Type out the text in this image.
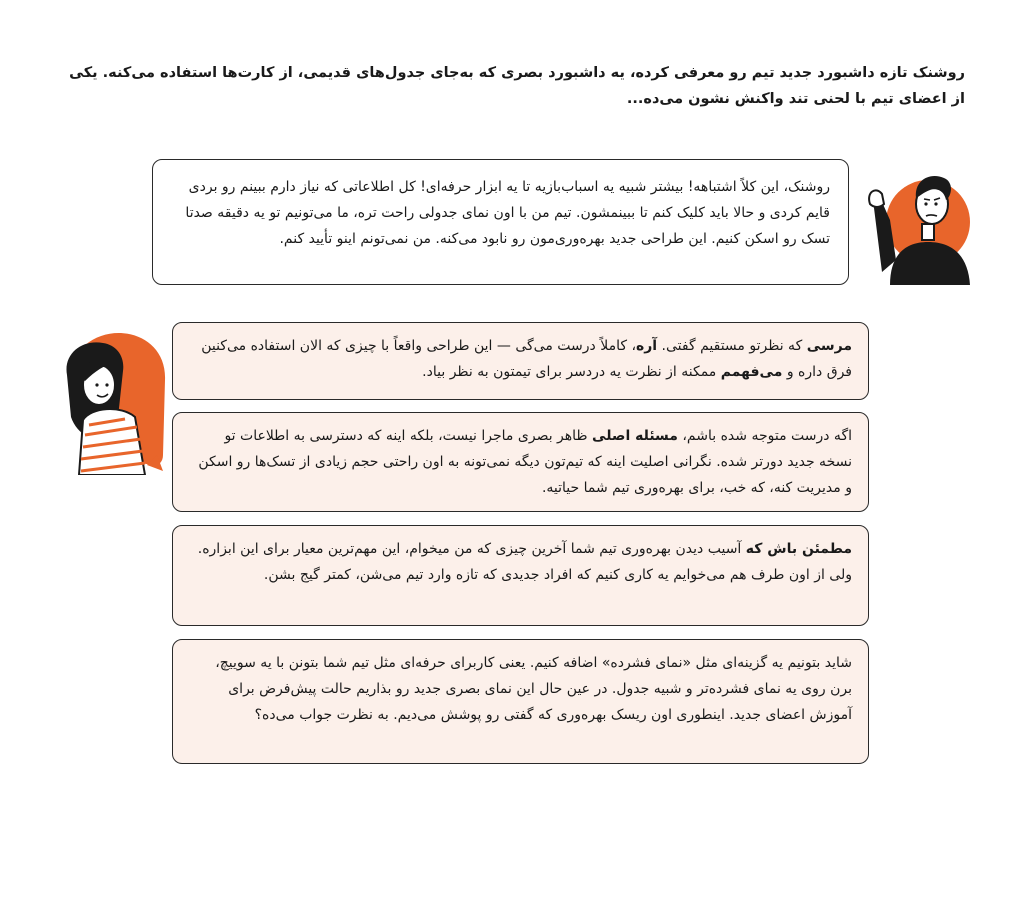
روشنک تازه داشبورد جدید تیم رو معرفی کرده، یه داشبورد بصری که به‌جای جدول‌های قدیمی، از کارت‌ها استفاده می‌کنه. یکی از اعضای تیم با لحنی تند واکنش نشون می‌ده...
روشنک، این کلاً اشتباهه! بیشتر شبیه یه اسباب‌بازیه تا یه ابزار حرفه‌ای! کل اطلاعاتی که نیاز دارم ببینم رو بردی قایم کردی و حالا باید کلیک کنم تا ببینمشون. تیم من با اون نمای جدولی راحت تره، ما می‌تونیم تو یه دقیقه صدتا تسک رو اسکن کنیم. این طراحی جدید بهره‌وری‌مون رو نابود می‌کنه. من نمی‌تونم اینو تأیید کنم.
مرسی که نظرتو مستقیم گفتی. آره، کاملاً درست می‌گی — این طراحی واقعاً با چیزی که الان استفاده می‌کنین فرق داره و می‌فهمم ممکنه از نظرت یه دردسر برای تیمتون به نظر بیاد.
اگه درست متوجه شده باشم، مسئله اصلی ظاهر بصری ماجرا نیست، بلکه اینه که دسترسی به اطلاعات تو نسخه جدید دورتر شده. نگرانی اصلیت اینه که تیم‌تون دیگه نمی‌تونه به اون راحتی حجم زیادی از تسک‌ها رو اسکن و مدیریت کنه، که خب، برای بهره‌وری تیم شما حیاتیه.
مطمئن باش که آسیب دیدن بهره‌وری تیم شما آخرین چیزی که من میخوام، این مهم‌ترین معیار برای این ابزاره. ولی از اون طرف هم می‌خوایم یه کاری کنیم که افراد جدیدی که تازه وارد تیم می‌شن، کمتر گیج بشن.
شاید بتونیم یه گزینه‌ای مثل «نمای فشرده» اضافه کنیم. یعنی کاربرای حرفه‌ای مثل تیم شما بتونن با یه سوییچ، برن روی یه نمای فشرده‌تر و شبیه جدول. در عین حال این نمای بصری جدید رو بذاریم حالت پیش‌فرض برای آموزش اعضای جدید. اینطوری اون ریسک بهره‌وری که گفتی رو پوشش می‌دیم. به نظرت جواب می‌ده؟
